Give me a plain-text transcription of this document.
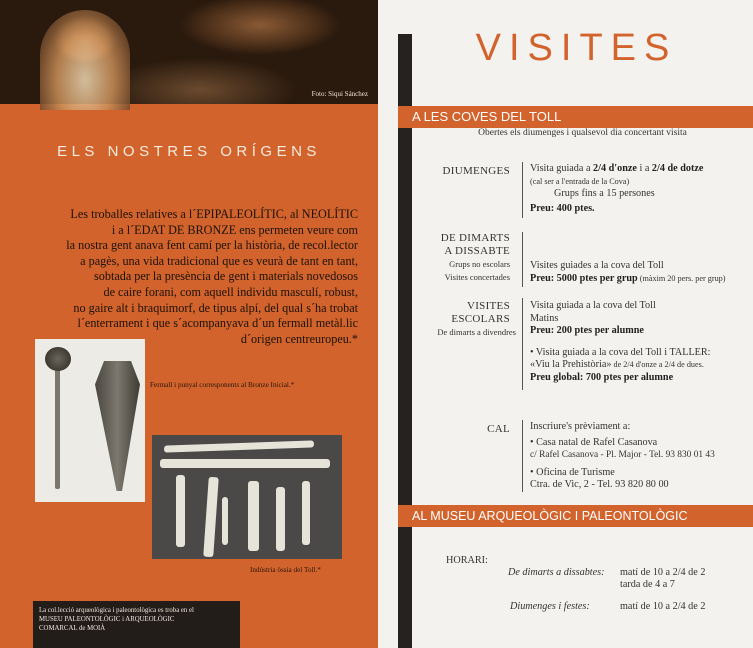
Foto: Siqui Sánchez
ELS NOSTRES ORÍGENS
Les troballes relatives a l´EPIPALEOLÍTIC, al NEOLÍTIC
i a l´EDAT DE BRONZE ens permeten veure com
la nostra gent anava fent camí per la història, de recol.lector
a pagès, una vida tradicional que es veurà de tant en tant,
sobtada per la presència de gent i materials novedosos
de caire forani, com aquell individu masculí, robust,
no gaire alt i braquimorf, de tipus alpí, del qual s´ha trobat
l´enterrament i que s´acompanyava d´un fermall metàl.lic
d´origen centreuropeu.*
Fermall i punyal corresponents al Bronze Inicial.*
Indústria òssia del Toll.*
La col.lecció arqueològica i paleontològica es troba en el
MUSEU PALEONTOLÒGIC i ARQUEOLÒGIC
COMARCAL de MOIÀ
VISITES
A LES COVES DEL TOLL
Obertes els diumenges i qualsevol dia concertant visita
DIUMENGES Visita guiada a 2/4 d'onze i a 2/4 de dotze
(cal ser a l'entrada de la Cova)
Grups fins a 15 persones
Preu: 400 ptes.
DE DIMARTS
A DISSABTE
Grups no escolars
Visites concertades
Visites guiades a la cova del Toll
Preu: 5000 ptes per grup (màxim 20 pers. per grup)
VISITES
ESCOLARS
De dimarts a divendres
Visita guiada a la cova del Toll
Matins
Preu: 200 ptes per alumne
• Visita guiada a la cova del Toll i TALLER:
«Viu la Prehistòria» de 2/4 d'onze a 2/4 de dues.
Preu global: 700 ptes per alumne
CAL Inscriure's prèviament a:
• Casa natal de Rafel Casanova
c/ Rafel Casanova - Pl. Major - Tel. 93 830 01 43
• Oficina de Turisme
Ctra. de Vic, 2 - Tel. 93 820 80 00
AL MUSEU ARQUEOLÒGIC I PALEONTOLÒGIC
HORARI:
De dimarts a dissabtes: matí de 10 a 2/4 de 2
tarda de 4 a 7
Diumenges i festes:	matí de 10 a 2/4 de 2
